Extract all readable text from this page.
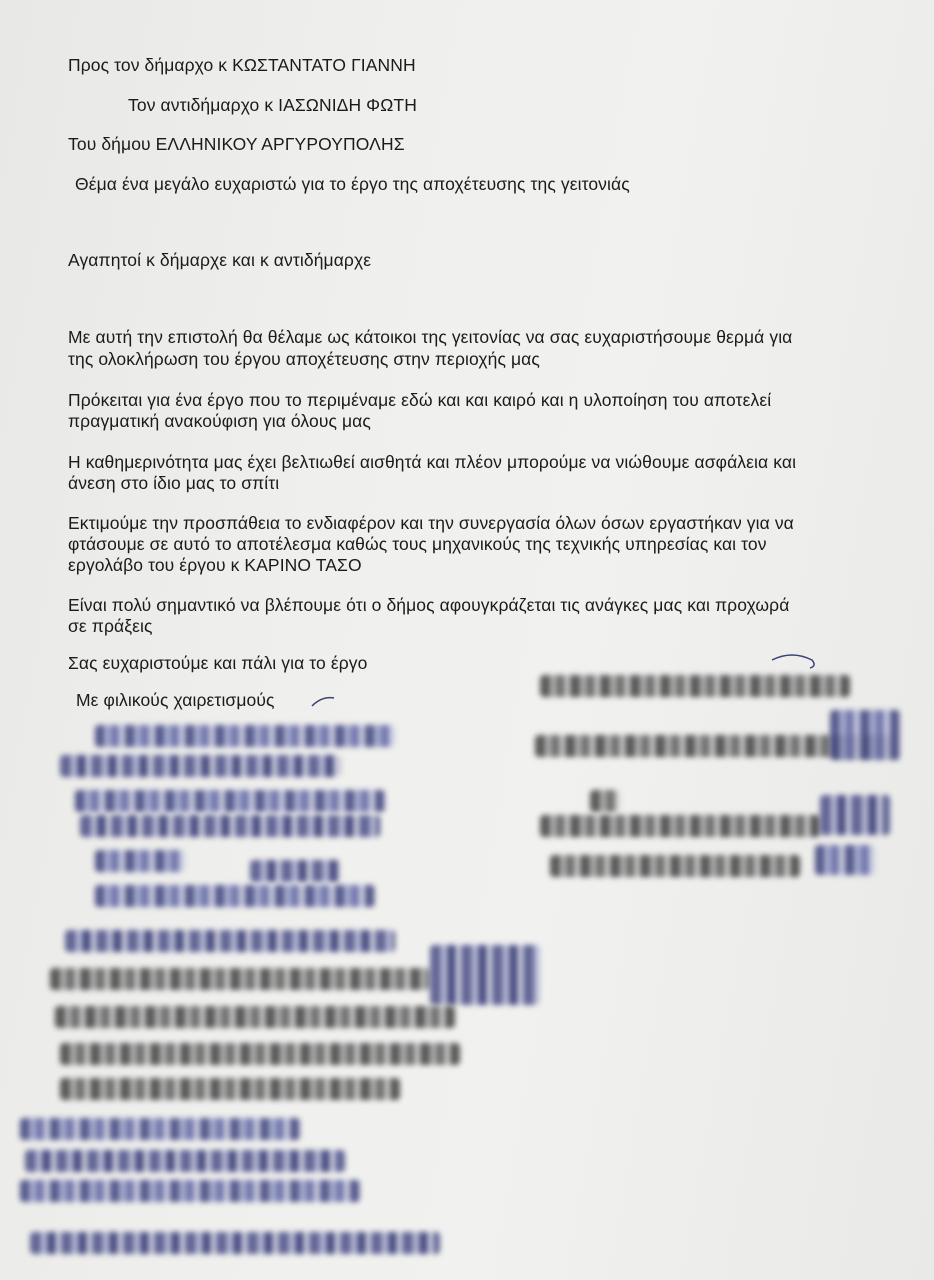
Προς τον δήμαρχο κ ΚΩΣΤΑΝΤΑΤΟ ΓΙΑΝΝΗ
Τον αντιδήμαρχο κ ΙΑΣΩΝΙΔΗ ΦΩΤΗ
Του δήμου ΕΛΛΗΝΙΚΟΥ ΑΡΓΥΡΟΥΠΟΛΗΣ
Θέμα ένα μεγάλο ευχαριστώ για το έργο της αποχέτευσης της γειτονιάς
Αγαπητοί κ δήμαρχε και κ αντιδήμαρχε
Με αυτή την επιστολή θα θέλαμε ως κάτοικοι της γειτονίας να σας ευχαριστήσουμε θερμά για
της ολοκλήρωση του έργου αποχέτευσης στην περιοχής μας
Πρόκειται για ένα έργο που το περιμέναμε εδώ και και καιρό και η υλοποίηση του αποτελεί
πραγματική ανακούφιση για όλους μας
Η καθημερινότητα μας έχει βελτιωθεί αισθητά και πλέον μπορούμε να νιώθουμε ασφάλεια και
άνεση στο ίδιο μας το σπίτι
Εκτιμούμε την προσπάθεια το ενδιαφέρον και την συνεργασία όλων όσων εργαστήκαν για να
φτάσουμε σε αυτό το αποτέλεσμα καθώς τους μηχανικούς της τεχνικής υπηρεσίας και τον
εργολάβο του έργου κ ΚΑΡΙΝΟ ΤΑΣΟ
Είναι πολύ σημαντικό να βλέπουμε ότι ο δήμος αφουγκράζεται τις ανάγκες μας και προχωρά
σε πράξεις
Σας ευχαριστούμε και πάλι για το έργο
Με φιλικούς χαιρετισμούς
